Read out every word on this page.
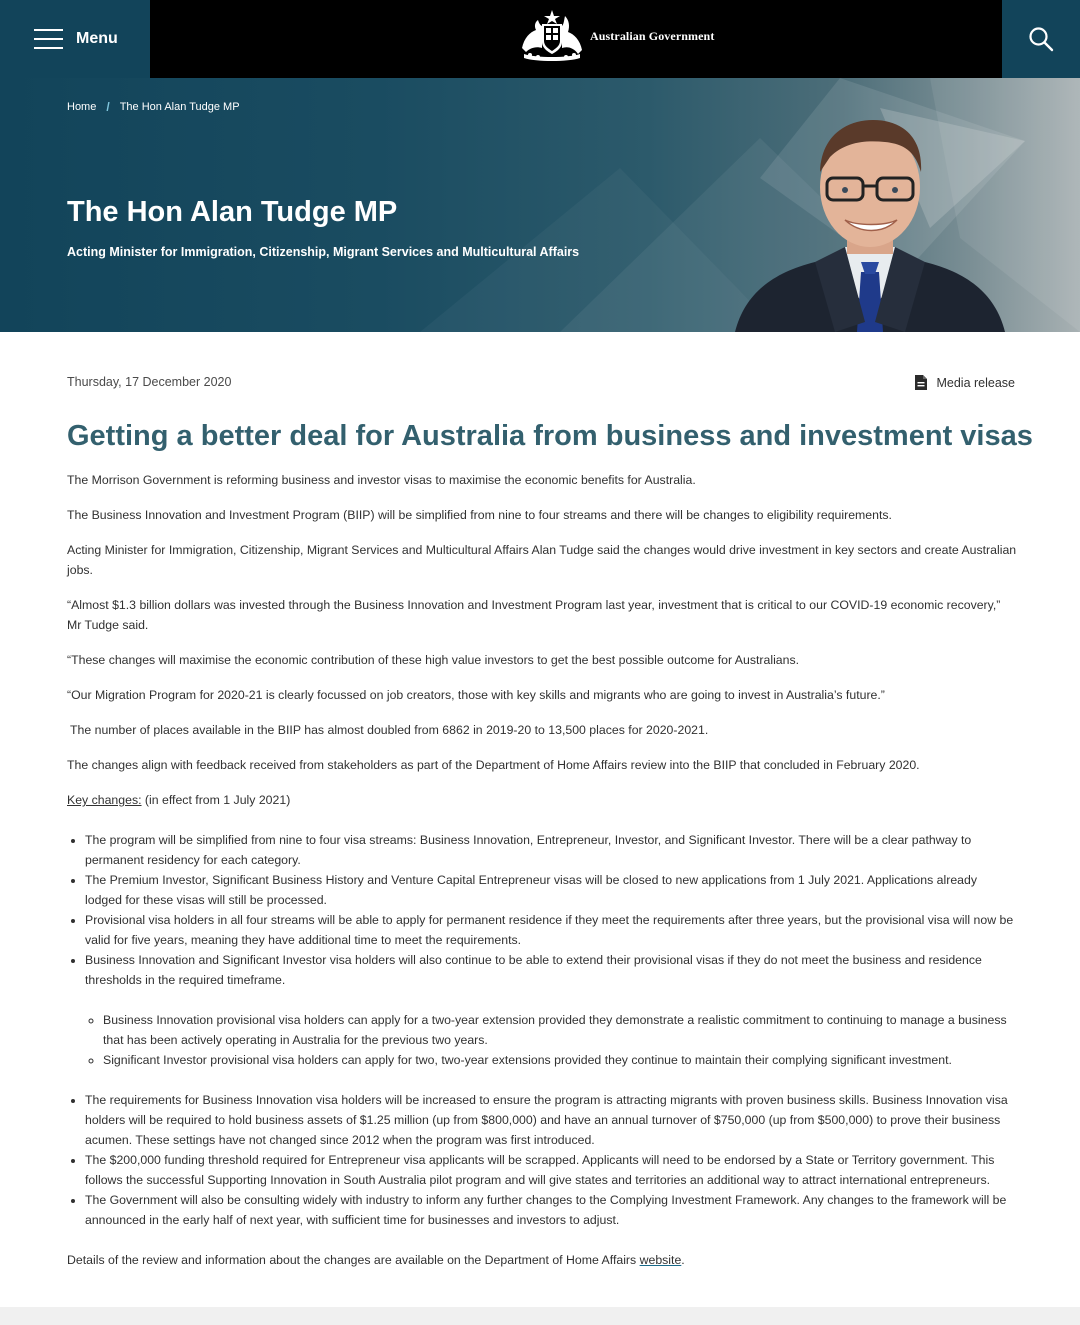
Menu	Australian Government
Home / The Hon Alan Tudge MP
The Hon Alan Tudge MP
Acting Minister for Immigration, Citizenship, Migrant Services and Multicultural Affairs
Thursday, 17 December 2020	Media release
Getting a better deal for Australia from business and investment visas

The Morrison Government is reforming business and investor visas to maximise the economic benefits for Australia.

The Business Innovation and Investment Program (BIIP) will be simplified from nine to four streams and there will be changes to eligibility requirements.

Acting Minister for Immigration, Citizenship, Migrant Services and Multicultural Affairs Alan Tudge said the changes would drive investment in key sectors and create Australian jobs.

“Almost $1.3 billion dollars was invested through the Business Innovation and Investment Program last year, investment that is critical to our COVID-19 economic recovery,” Mr Tudge said.

“These changes will maximise the economic contribution of these high value investors to get the best possible outcome for Australians.

“Our Migration Program for 2020-21 is clearly focussed on job creators, those with key skills and migrants who are going to invest in Australia’s future.”

The number of places available in the BIIP has almost doubled from 6862 in 2019-20 to 13,500 places for 2020-2021.

The changes align with feedback received from stakeholders as part of the Department of Home Affairs review into the BIIP that concluded in February 2020.

Key changes: (in effect from 1 July 2021)

• The program will be simplified from nine to four visa streams: Business Innovation, Entrepreneur, Investor, and Significant Investor. There will be a clear pathway to permanent residency for each category.
• The Premium Investor, Significant Business History and Venture Capital Entrepreneur visas will be closed to new applications from 1 July 2021. Applications already lodged for these visas will still be processed.
• Provisional visa holders in all four streams will be able to apply for permanent residence if they meet the requirements after three years, but the provisional visa will now be valid for five years, meaning they have additional time to meet the requirements.
• Business Innovation and Significant Investor visa holders will also continue to be able to extend their provisional visas if they do not meet the business and residence thresholds in the required timeframe.
◦ Business Innovation provisional visa holders can apply for a two-year extension provided they demonstrate a realistic commitment to continuing to manage a business that has been actively operating in Australia for the previous two years.
◦ Significant Investor provisional visa holders can apply for two, two-year extensions provided they continue to maintain their complying significant investment.
• The requirements for Business Innovation visa holders will be increased to ensure the program is attracting migrants with proven business skills. Business Innovation visa holders will be required to hold business assets of $1.25 million (up from $800,000) and have an annual turnover of $750,000 (up from $500,000) to prove their business acumen. These settings have not changed since 2012 when the program was first introduced.
• The $200,000 funding threshold required for Entrepreneur visa applicants will be scrapped. Applicants will need to be endorsed by a State or Territory government. This follows the successful Supporting Innovation in South Australia pilot program and will give states and territories an additional way to attract international entrepreneurs.
• The Government will also be consulting widely with industry to inform any further changes to the Complying Investment Framework. Any changes to the framework will be announced in the early half of next year, with sufficient time for businesses and investors to adjust.

Details of the review and information about the changes are available on the Department of Home Affairs website.
